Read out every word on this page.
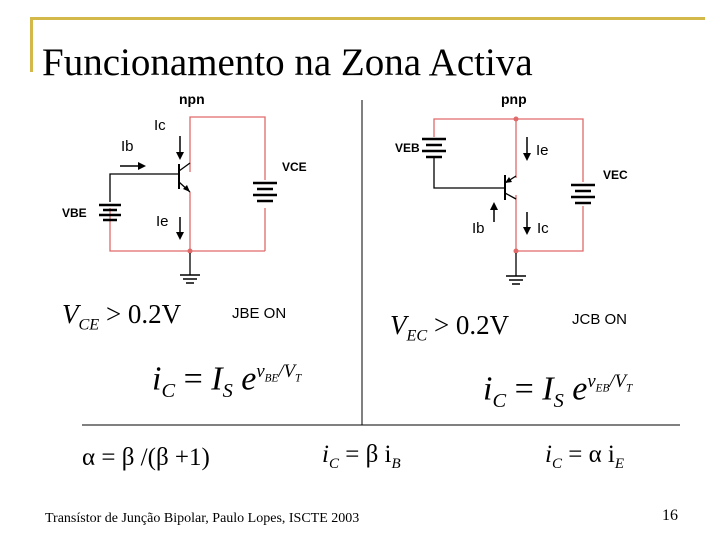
Funcionamento na Zona Activa
npn
Ic
Ib
Ie
VBE
VCE
pnp
Ie
Ib	Ic
VEB
VEC
$V_{CE} > 0.2V$	JBE ON
$i_C = I_S$ $e^{v_{BE}/V_T}$
$V_{EC} > 0.2V$	JCB ON
$i_C = I_S$ $e^{v_{EB}/V_T}$
α = β /(β +1)	$i_C = \beta$ $i_B$	$i_C = \alpha$ $i_E$
Transístor de Junção Bipolar, Paulo Lopes, ISCTE 2003	16
